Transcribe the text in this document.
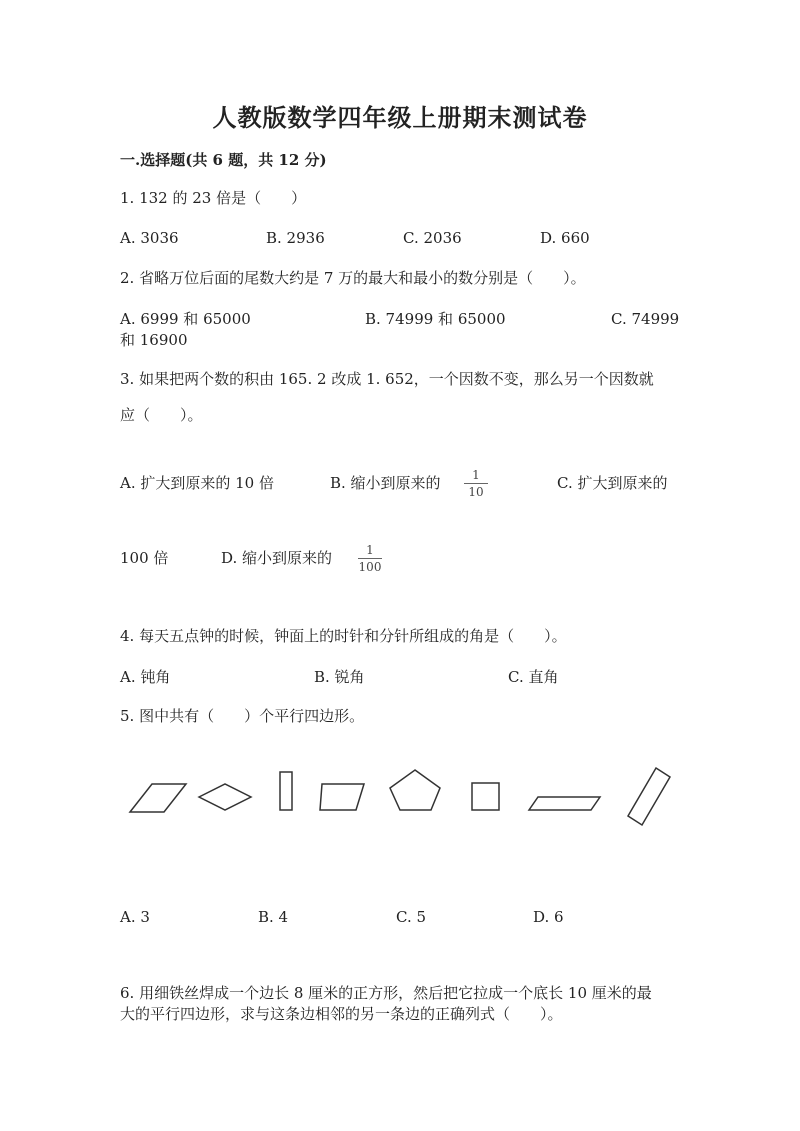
人教版数学四年级上册期末测试卷
一.选择题(共 6 题，共 12 分)
1. 132 的 23 倍是（　　）
A. 3036	B. 2936	C. 2036	D. 660
2. 省略万位后面的尾数大约是 7 万的最大和最小的数分别是（　　）。
A. 6999 和 65000	B. 74999 和 65000	C. 74999
和 16900
3. 如果把两个数的积由 165. 2 改成 1. 652，一个因数不变，那么另一个因数就
应（　　）。
A. 扩大到原来的 10 倍	B. 缩小到原来的	1
10	C. 扩大到原来的
100 倍	D. 缩小到原来的	1
100
4. 每天五点钟的时候，钟面上的时针和分针所组成的角是（　　）。
A. 钝角	B. 锐角	C. 直角
5. 图中共有（　　）个平行四边形。
A. 3	B. 4	C. 5	D. 6
6. 用细铁丝焊成一个边长 8 厘米的正方形，然后把它拉成一个底长 10 厘米的最
大的平行四边形，求与这条边相邻的另一条边的正确列式（　　）。
